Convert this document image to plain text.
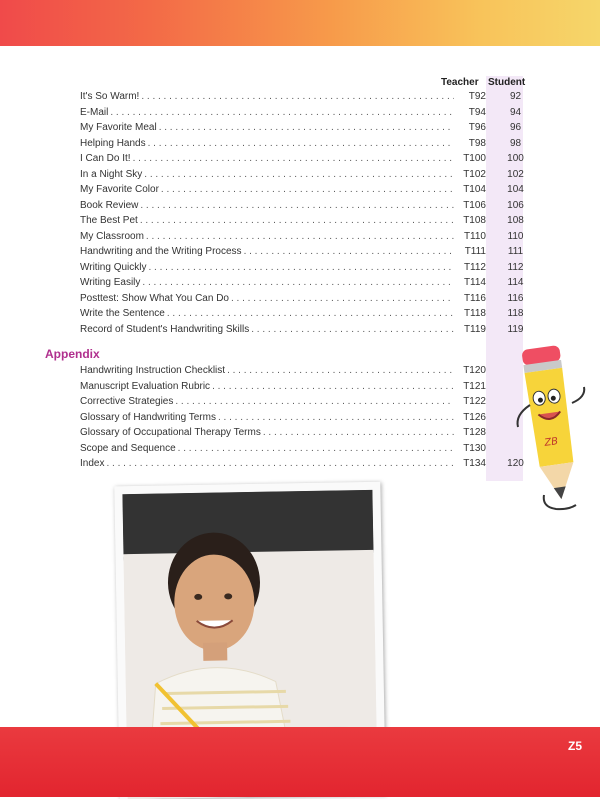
Teacher Student
It's So Warm! . . .	T92	92
E-Mail . . .	T94	94
My Favorite Meal . . .	T96	96
Helping Hands . . .	T98	98
I Can Do It! . . .	T100	100
In a Night Sky . . .	T102	102
My Favorite Color . . .	T104	104
Book Review . . .	T106	106
The Best Pet . . .	T108	108
My Classroom . . .	T110	110
Handwriting and the Writing Process . . .	T111	111
Writing Quickly . . .	T112	112
Writing Easily . . .	T114	114
Posttest: Show What You Can Do . . .	T116	116
Write the Sentence . . .	T118	118
Record of Student's Handwriting Skills . . .	T119	119
Appendix
Handwriting Instruction Checklist . . .	T120
Manuscript Evaluation Rubric . . .	T121
Corrective Strategies . . .	T122
Glossary of Handwriting Terms . . .	T126
Glossary of Occupational Therapy Terms . . .	T128
Scope and Sequence . . .	T130
Index . . .	T134	120
ZB
Z5
